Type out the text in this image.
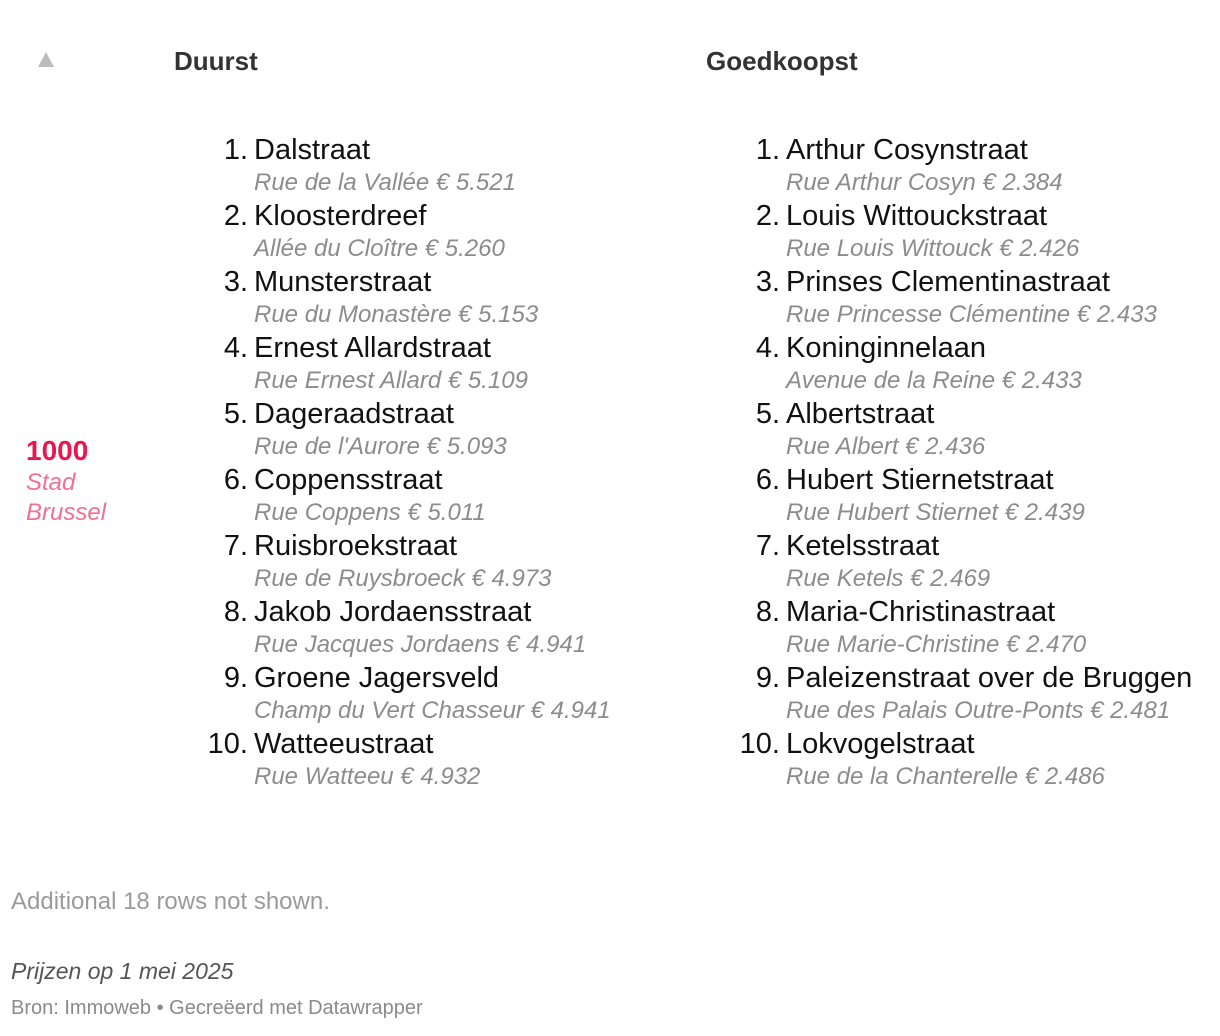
Duurst	Goedkoopst
1000
Stad
Brussel
1. Dalstraat
Rue de la Vallée € 5.521
2. Kloosterdreef
Allée du Cloître € 5.260
3. Munsterstraat
Rue du Monastère € 5.153
4. Ernest Allardstraat
Rue Ernest Allard € 5.109
5. Dageraadstraat
Rue de l'Aurore € 5.093
6. Coppensstraat
Rue Coppens € 5.011
7. Ruisbroekstraat
Rue de Ruysbroeck € 4.973
8. Jakob Jordaensstraat
Rue Jacques Jordaens € 4.941
9. Groene Jagersveld
Champ du Vert Chasseur € 4.941
10. Watteeustraat
Rue Watteeu € 4.932
1. Arthur Cosynstraat
Rue Arthur Cosyn € 2.384
2. Louis Wittouckstraat
Rue Louis Wittouck € 2.426
3. Prinses Clementinastraat
Rue Princesse Clémentine € 2.433
4. Koninginnelaan
Avenue de la Reine € 2.433
5. Albertstraat
Rue Albert € 2.436
6. Hubert Stiernetstraat
Rue Hubert Stiernet € 2.439
7. Ketelsstraat
Rue Ketels € 2.469
8. Maria-Christinastraat
Rue Marie-Christine € 2.470
9. Paleizenstraat over de Bruggen
Rue des Palais Outre-Ponts € 2.481
10. Lokvogelstraat
Rue de la Chanterelle € 2.486
Additional 18 rows not shown.
Prijzen op 1 mei 2025
Bron: Immoweb • Gecreëerd met Datawrapper
